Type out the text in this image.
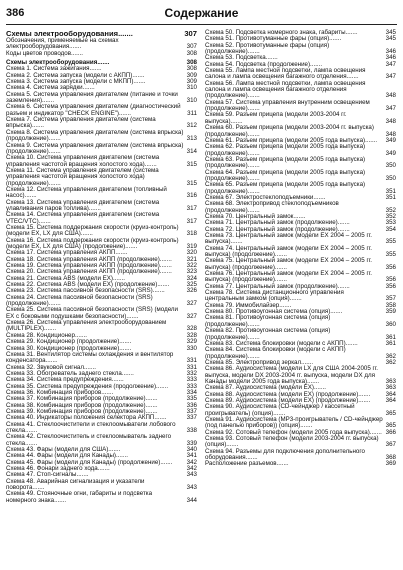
386	Содержание
Схемы электрооборудования.......	307
Обозначения, применяемые на схемах электрооборудования.......	307
Коды цветов проводов.......	308
Схемы электрооборудования.......	308
Схема 1. Система зажигания.......	308
Схема 2. Система запуска (модели с АКПП).......	309
Схема 3. Система запуска (модели с МКПП).......	309
Схема 4. Система зарядки.......	310
Схема 5. Система управления двигателем (питание и точки заземления).......	310
Схема 6. Система управления двигателем (диагностический разъем и индикатор "CHECK ENGINE").......	311
Схема 7. Система управления двигателем (система впрыска).......	312
Схема 8. Система управления двигателем (система впрыска) (продолжение).......	313
Схема 9. Система управления двигателем (система впрыска) (продолжение).......	314
Схема 10. Система управления двигателем (система управления частотой вращения холостого хода).......	315
Схема 11. Система управления двигателем (система управления частотой вращения холостого хода) (продолжение).......	315
Схема 12. Система управления двигателем (топливный насос).......	316
Схема 13. Система управления двигателем (система улавливания паров топлива).......	317
Схема 14. Система управления двигателем (система VTEC/VTC).......	317
Схема 15. Система поддержания скорости (круиз-контроль) (модели EX, LX для США).......	318
Схема 16. Система поддержания скорости (круиз-контроль) (модели EX, LX для США) (продолжение).......	319
Схема 17. Система управления АКПП.......	320
Схема 18. Система управления АКПП (продолжение).......	321
Схема 19. Система управления АКПП (продолжение).......	322
Схема 20. Система управления АКПП (продолжение).......	323
Схема 21. Система ABS (модели EX).......	324
Схема 22. Система ABS (модели EX) (продолжение).......	325
Схема 23. Система пассивной безопасности (SRS).......	326
Схема 24. Система пассивной безопасности (SRS) (продолжение).......	327
Схема 25. Система пассивной безопасности (SRS) (модели EX с боковыми подушками безопасности).......	327
Схема 26. Система управления электрооборудованием (MULTIPLEX).......	328
Схема 28. Кондиционер.......	328
Схема 29. Кондиционер (продолжение).......	329
Схема 30. Кондиционер (продолжение).......	330
Схема 31. Вентилятор системы охлаждения и вентилятор конденсатора.......	331
Схема 32. Звуковой сигнал.......	331
Схема 33. Обогреватель заднего стекла.......	332
Схема 34. Система предупреждения.......	333
Схема 35. Система предупреждения (продолжение).......	333
Схема 36. Комбинация приборов.......	334
Схема 37. Комбинация приборов (продолжение).......	335
Схема 38. Комбинация приборов (продолжение).......	336
Схема 39. Комбинация приборов (продолжение).......	337
Схема 40. Индикаторы положения селектора АКПП.......	337
Схема 41. Стеклоочистители и стеклоомыватели лобового стекла.......	338
Схема 42. Стеклоочиститель и стеклоомыватель заднего стекла.......	339
Схема 43. Фары (модели для США).......	340
Схема 44. Фары (модели для Канады).......	341
Схема 45. Фары (модели для Канады) (продолжение).......	342
Схема 46. Фонари заднего хода.......	342
Схема 47. Стоп-сигналы.......	343
Схема 48. Аварийная сигнализация и указатели поворота.......	343
Схема 49. Стояночные огни, габариты и подсветка номерного знака.......	344
Схема 50. Подсветка номерного знака, габариты.......	345
Схема 51. Противотуманные фары (опция).......	345
Схема 52. Противотуманные фары (опция) (продолжение).......	346
Схема 53. Подсветка.......	346
Схема 54. Подсветка (продолжение).......	347
Схема 55. Лампа местной подсветки, лампа освещения салона и лампа освещения багажного отделения.......	347
Схема 56. Лампа местной подсветки, лампа освещения салона и лампа освещения багажного отделения (продолжение).......	348
Схема 57. Система управления внутренним освещением (продолжение).......	347
Схема 59. Разъем прицепа (модели 2003-2004 гг. выпуска).......	348
Схема 60. Разъем прицепа (модели 2003-2004 гг. выпуска) (продолжение).......	348
Схема 61. Разъем прицепа (модели 2005 года выпуска).......	349
Схема 62. Разъем прицепа (модели 2005 года выпуска) (продолжение).......	349
Схема 63. Разъем прицепа (модели 2005 года выпуска) (продолжение).......	350
Схема 64. Разъем прицепа (модели 2005 года выпуска) (продолжение).......	350
Схема 65. Разъем прицепа (модели 2005 года выпуска) (продолжение).......	351
Схема 67. Электростеклоподъемники.......	351
Схема 68. Электропривод стеклоподъемников (продолжение).......	352
Схема 70. Центральный замок.......	352
Схема 71. Центральный замок (продолжение).......	353
Схема 72. Центральный замок (продолжение).......	354
Схема 73. Центральный замок (модели EX 2004 – 2005 гг. выпуска).......	355
Схема 74. Центральный замок (модели EX 2004 – 2005 гг. выпуска) (продолжение).......	355
Схема 75. Центральный замок (модели EX 2004 – 2005 гг. выпуска) (продолжение).......	356
Схема 76. Центральный замок (модели EX 2004 – 2005 гг. выпуска) (продолжение).......	356
Схема 77. Центральный замок (продолжение).......	356
Схема 78. Система дистанционного управления центральным замком (опция).......	357
Схема 79. Иммобилайзер.......	358
Схема 80. Противоугонная система (опция).......	359
Схема 81. Противоугонная система (опция) (продолжение).......	360
Схема 82. Противоугонная система (опция) (продолжение).......	361
Схема 83. Система блокировки (модели с АКПП).......	361
Схема 84. Система блокировки (модели с АКПП) (продолжение).......	362
Схема 85. Электропривод зеркал.......	362
Схема 86. Аудиосистема (модели LX для США 2004-2005 гг. выпуска, модели DX 2003-2004 гг. выпуска, модели DX для Канады модели 2005 года выпуска).......	363
Схема 87. Аудиосистема (модели EX).......	363
Схема 88. Аудиосистема (модели EX) (продолжение).......	364
Схема 89. Аудиосистема (модели EX) (продолжение).......	364
Схема 90. Аудиосистема (CD-чейнджер / кассетный проигрыватель) (опция).......	365
Схема 91. Аудиосистема (MP3-проигрыватель / CD-чейнджер (под панелью приборов)) (опция).......	365
Схема 92. Сотовый телефон (модели 2005 года выпуска)....... 366
Схема 93. Сотовый телефон (модели 2003-2004 гг. выпуска) (опция).......	367
Схема 94. Разъемы для подключения дополнительного оборудования.......	368
Расположение разъемов.......	369
